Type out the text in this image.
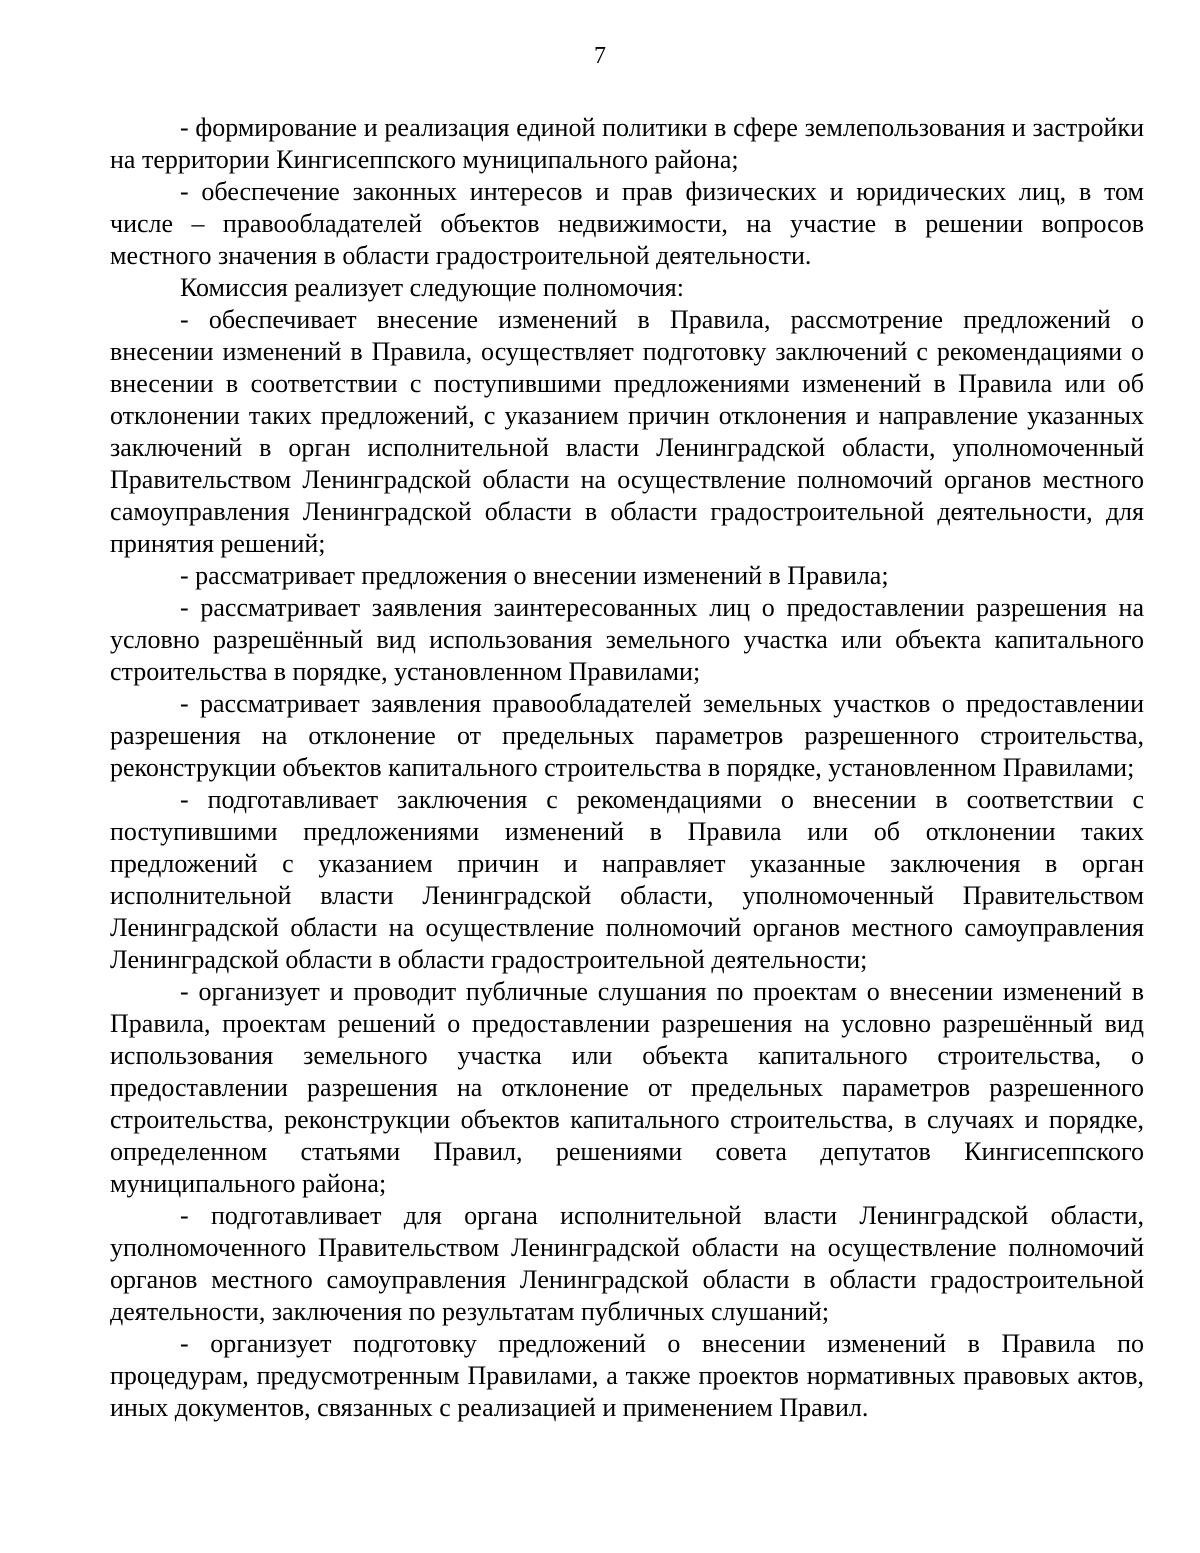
7

- формирование и реализация единой политики в сфере землепользования и застройки на территории Кингисеппского муниципального района;

- обеспечение законных интересов и прав физических и юридических лиц, в том числе – правообладателей объектов недвижимости, на участие в решении вопросов местного значения в области градостроительной деятельности.

Комиссия реализует следующие полномочия:

- обеспечивает внесение изменений в Правила, рассмотрение предложений о внесении изменений в Правила, осуществляет подготовку заключений с рекомендациями о внесении в соответствии с поступившими предложениями изменений в Правила или об отклонении таких предложений, с указанием причин отклонения и направление указанных заключений в орган исполнительной власти Ленинградской области, уполномоченный Правительством Ленинградской области на осуществление полномочий органов местного самоуправления Ленинградской области в области градостроительной деятельности, для принятия решений;

- рассматривает предложения о внесении изменений в Правила;

- рассматривает заявления заинтересованных лиц о предоставлении разрешения на условно разрешённый вид использования земельного участка или объекта капитального строительства в порядке, установленном Правилами;

- рассматривает заявления правообладателей земельных участков о предоставлении разрешения на отклонение от предельных параметров разрешенного строительства, реконструкции объектов капитального строительства в порядке, установленном Правилами;

- подготавливает заключения с рекомендациями о внесении в соответствии с поступившими предложениями изменений в Правила или об отклонении таких предложений с указанием причин и направляет указанные заключения в орган исполнительной власти Ленинградской области, уполномоченный Правительством Ленинградской области на осуществление полномочий органов местного самоуправления Ленинградской области в области градостроительной деятельности;

- организует и проводит публичные слушания по проектам о внесении изменений в Правила, проектам решений о предоставлении разрешения на условно разрешённый вид использования земельного участка или объекта капитального строительства, о предоставлении разрешения на отклонение от предельных параметров разрешенного строительства, реконструкции объектов капитального строительства, в случаях и порядке, определенном статьями Правил, решениями совета депутатов Кингисеппского муниципального района;

- подготавливает для органа исполнительной власти Ленинградской области, уполномоченного Правительством Ленинградской области на осуществление полномочий органов местного самоуправления Ленинградской области в области градостроительной деятельности, заключения по результатам публичных слушаний;

- организует подготовку предложений о внесении изменений в Правила по процедурам, предусмотренным Правилами, а также проектов нормативных правовых актов, иных документов, связанных с реализацией и применением Правил.
